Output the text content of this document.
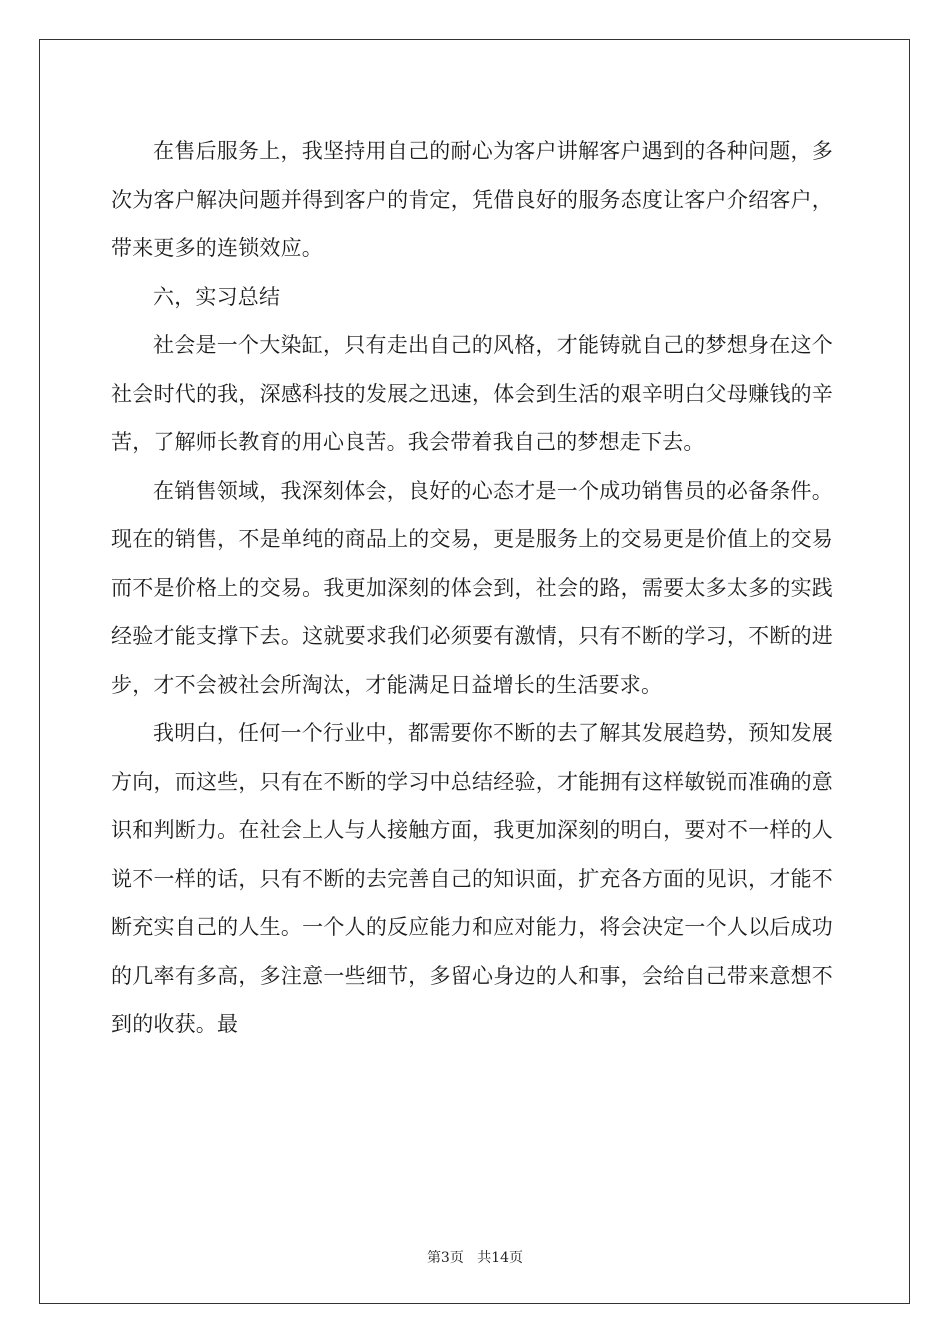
在售后服务上，我坚持用自己的耐心为客户讲解客户遇到的各种问题，多次为客户解决问题并得到客户的肯定，凭借良好的服务态度让客户介绍客户，带来更多的连锁效应。

六，实习总结

社会是一个大染缸，只有走出自己的风格，才能铸就自己的梦想身在这个社会时代的我，深感科技的发展之迅速，体会到生活的艰辛明白父母赚钱的辛苦，了解师长教育的用心良苦。我会带着我自己的梦想走下去。

在销售领域，我深刻体会，良好的心态才是一个成功销售员的必备条件。现在的销售，不是单纯的商品上的交易，更是服务上的交易更是价值上的交易而不是价格上的交易。我更加深刻的体会到，社会的路，需要太多太多的实践经验才能支撑下去。这就要求我们必须要有激情，只有不断的学习，不断的进步，才不会被社会所淘汰，才能满足日益增长的生活要求。

我明白，任何一个行业中，都需要你不断的去了解其发展趋势，预知发展方向，而这些，只有在不断的学习中总结经验，才能拥有这样敏锐而准确的意识和判断力。在社会上人与人接触方面，我更加深刻的明白，要对不一样的人说不一样的话，只有不断的去完善自己的知识面，扩充各方面的见识，才能不断充实自己的人生。一个人的反应能力和应对能力，将会决定一个人以后成功的几率有多高，多注意一些细节，多留心身边的人和事，会给自己带来意想不到的收获。最

第3页 共14页
